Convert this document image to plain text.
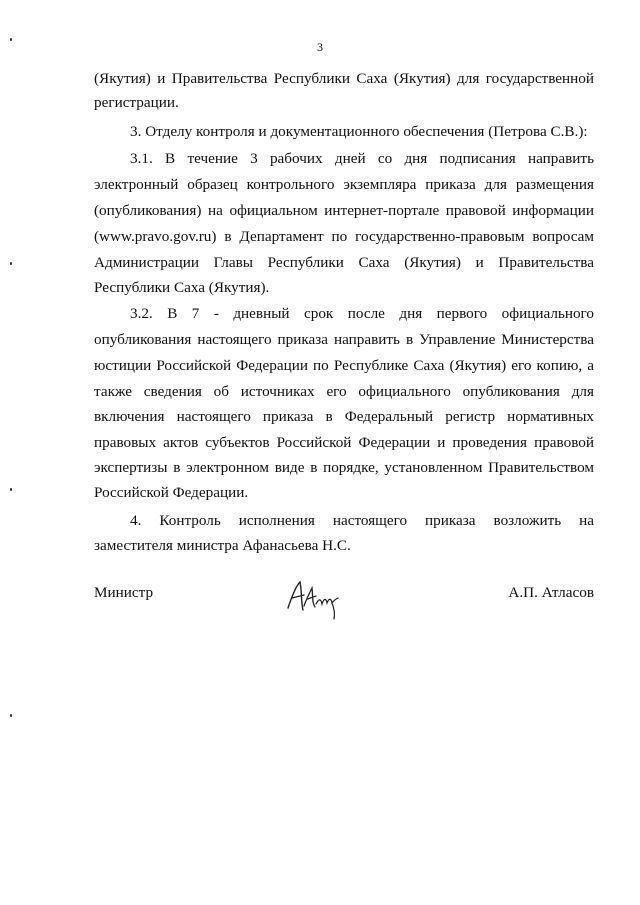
3
(Якутия) и Правительства Республики Саха (Якутия) для государственной
регистрации.
3. Отделу контроля и документационного обеспечения (Петрова С.В.):
3.1. В течение 3 рабочих дней со дня подписания направить
электронный образец контрольного экземпляра приказа для размещения
(опубликования) на официальном интернет-портале правовой информации
(www.pravo.gov.ru) в Департамент по государственно-правовым вопросам
Администрации Главы Республики Саха (Якутия) и Правительства
Республики Саха (Якутия).
3.2. В 7 - дневный срок после дня первого официального
опубликования настоящего приказа направить в Управление Министерства
юстиции Российской Федерации по Республике Саха (Якутия) его копию, а
также сведения об источниках его официального опубликования для
включения настоящего приказа в Федеральный регистр нормативных
правовых актов субъектов Российской Федерации и проведения правовой
экспертизы в электронном виде в порядке, установленном Правительством
Российской Федерации.
4. Контроль исполнения настоящего приказа возложить на
заместителя министра Афанасьева Н.С.
Министр	А.П. Атласов
